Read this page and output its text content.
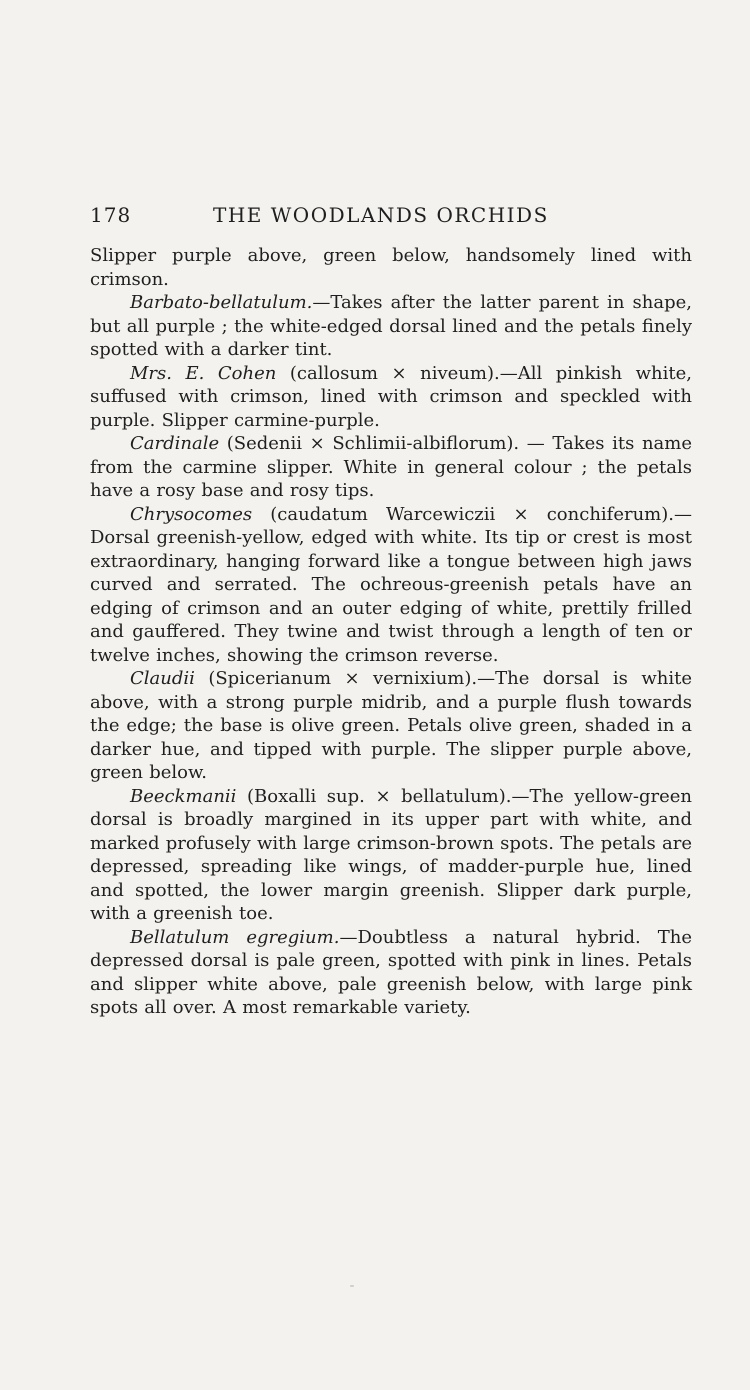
178	THE WOODLANDS ORCHIDS

Slipper purple above, green below, handsomely lined with crimson.

Barbato-bellatulum.—Takes after the latter parent in shape, but all purple ; the white-edged dorsal lined and the petals finely spotted with a darker tint.

Mrs. E. Cohen (callosum × niveum).—All pinkish white, suffused with crimson, lined with crimson and speckled with purple. Slipper carmine-purple.

Cardinale (Sedenii × Schlimii-albiflorum). — Takes its name from the carmine slipper. White in general colour ; the petals have a rosy base and rosy tips.

Chrysocomes (caudatum Warcewiczii × conchiferum).— Dorsal greenish-yellow, edged with white. Its tip or crest is most extraordinary, hanging forward like a tongue between high jaws curved and serrated. The ochreous-greenish petals have an edging of crimson and an outer edging of white, prettily frilled and gauffered. They twine and twist through a length of ten or twelve inches, showing the crimson reverse.

Claudii (Spicerianum × vernixium).—The dorsal is white above, with a strong purple midrib, and a purple flush towards the edge; the base is olive green. Petals olive green, shaded in a darker hue, and tipped with purple. The slipper purple above, green below.

Beeckmanii (Boxalli sup. × bellatulum).—The yellow-green dorsal is broadly margined in its upper part with white, and marked profusely with large crimson-brown spots. The petals are depressed, spreading like wings, of madder-purple hue, lined and spotted, the lower margin greenish. Slipper dark purple, with a greenish toe.

Bellatulum egregium.—Doubtless a natural hybrid. The depressed dorsal is pale green, spotted with pink in lines. Petals and slipper white above, pale greenish below, with large pink spots all over. A most remarkable variety.
